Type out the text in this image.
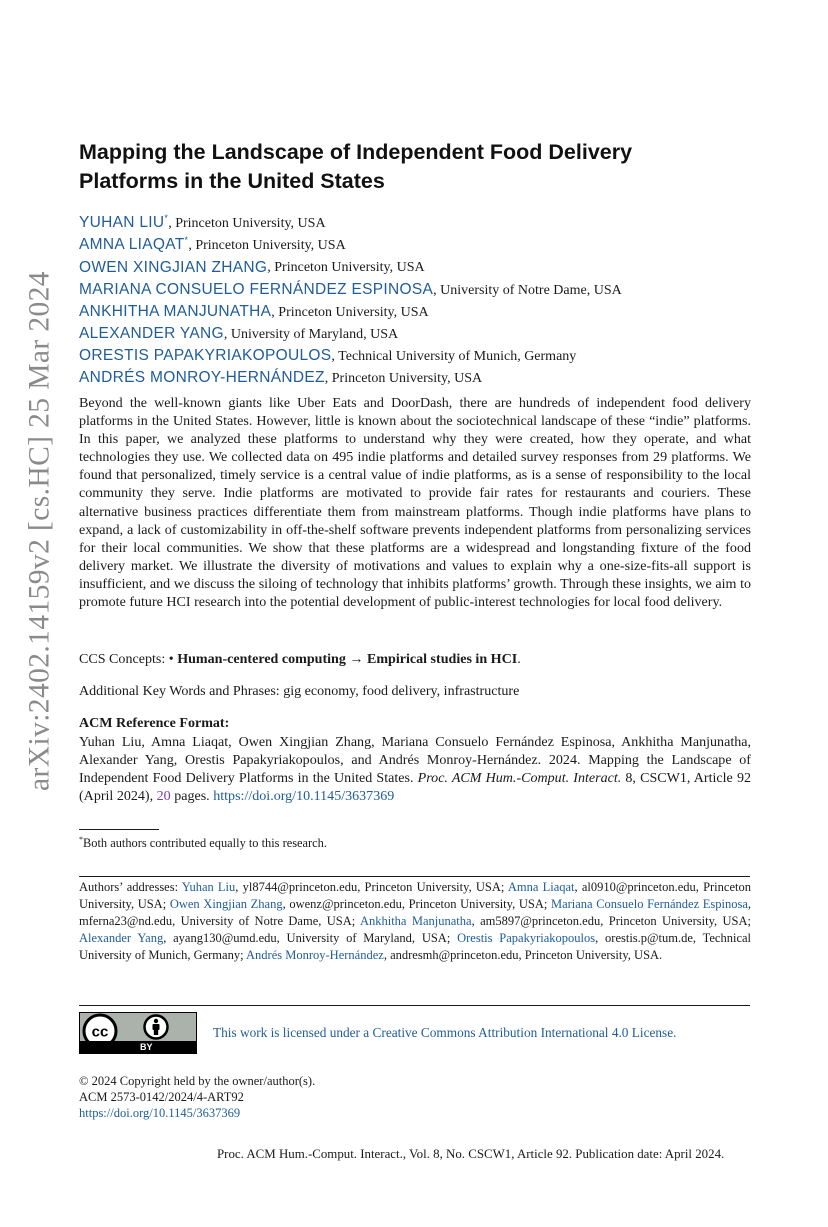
arXiv:2402.14159v2 [cs.HC] 25 Mar 2024
Mapping the Landscape of Independent Food Delivery Platforms in the United States
YUHAN LIU*, Princeton University, USA
AMNA LIAQAT*, Princeton University, USA
OWEN XINGJIAN ZHANG, Princeton University, USA
MARIANA CONSUELO FERNÁNDEZ ESPINOSA, University of Notre Dame, USA
ANKHITHA MANJUNATHA, Princeton University, USA
ALEXANDER YANG, University of Maryland, USA
ORESTIS PAPAKYRIAKOPOULOS, Technical University of Munich, Germany
ANDRÉS MONROY-HERNÁNDEZ, Princeton University, USA

Beyond the well-known giants like Uber Eats and DoorDash, there are hundreds of independent food delivery platforms in the United States. However, little is known about the sociotechnical landscape of these “indie” platforms. In this paper, we analyzed these platforms to understand why they were created, how they operate, and what technologies they use. We collected data on 495 indie platforms and detailed survey responses from 29 platforms. We found that personalized, timely service is a central value of indie platforms, as is a sense of responsibility to the local community they serve. Indie platforms are motivated to provide fair rates for restaurants and couriers. These alternative business practices differentiate them from mainstream platforms. Though indie platforms have plans to expand, a lack of customizability in off-the-shelf software prevents independent platforms from personalizing services for their local communities. We show that these platforms are a widespread and longstanding fixture of the food delivery market. We illustrate the diversity of motivations and values to explain why a one-size-fits-all support is insufficient, and we discuss the siloing of technology that inhibits platforms’ growth. Through these insights, we aim to promote future HCI research into the potential development of public-interest technologies for local food delivery.

CCS Concepts: • Human-centered computing → Empirical studies in HCI.
Additional Key Words and Phrases: gig economy, food delivery, infrastructure
ACM Reference Format:

Yuhan Liu, Amna Liaqat, Owen Xingjian Zhang, Mariana Consuelo Fernández Espinosa, Ankhitha Manjunatha, Alexander Yang, Orestis Papakyriakopoulos, and Andrés Monroy-Hernández. 2024. Mapping the Landscape of Independent Food Delivery Platforms in the United States. Proc. ACM Hum.-Comput. Interact. 8, CSCW1, Article 92 (April 2024), 20 pages. https://doi.org/10.1145/3637369

*Both authors contributed equally to this research.

Authors’ addresses: Yuhan Liu, yl8744@princeton.edu, Princeton University, USA; Amna Liaqat, al0910@princeton.edu, Princeton University, USA; Owen Xingjian Zhang, owenz@princeton.edu, Princeton University, USA; Mariana Consuelo Fernández Espinosa, mferna23@nd.edu, University of Notre Dame, USA; Ankhitha Manjunatha, am5897@princeton.edu, Princeton University, USA; Alexander Yang, ayang130@umd.edu, University of Maryland, USA; Orestis Papakyriakopoulos, orestis.p@tum.de, Technical University of Munich, Germany; Andrés Monroy-Hernández, andresmh@princeton.edu, Princeton University, USA.

cc
BY
This work is licensed under a Creative Commons Attribution International 4.0 License.
© 2024 Copyright held by the owner/author(s).
ACM 2573-0142/2024/4-ART92
https://doi.org/10.1145/3637369
Proc. ACM Hum.-Comput. Interact., Vol. 8, No. CSCW1, Article 92. Publication date: April 2024.
